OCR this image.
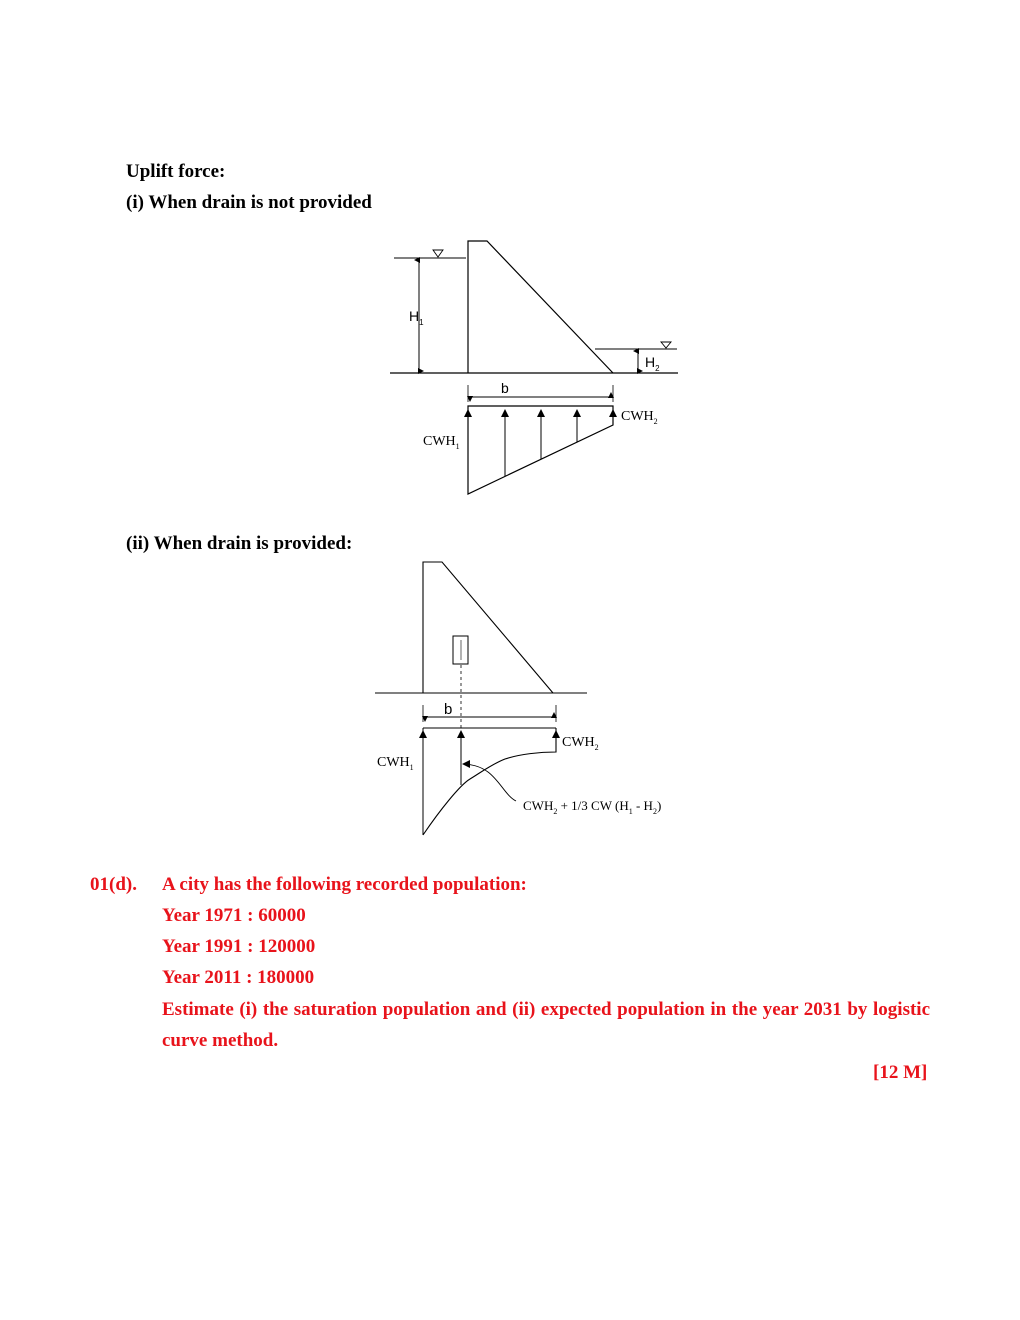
Uplift force:
(i) When drain is not provided
$H_1$
$H_2$
b
$CWH_2$
$CWH_1$
(ii) When drain is provided:
b
$CWH_2$
$CWH_1$
$CWH_2 + 1/3$ CW $(H_1 - H_2)$
01(d). A city has the following recorded population:
Year 1971 : 60000
Year 1991 : 120000
Year 2011 : 180000
Estimate (i) the saturation population and (ii) expected population in the year 2031 by logistic curve method.
[12 M]
